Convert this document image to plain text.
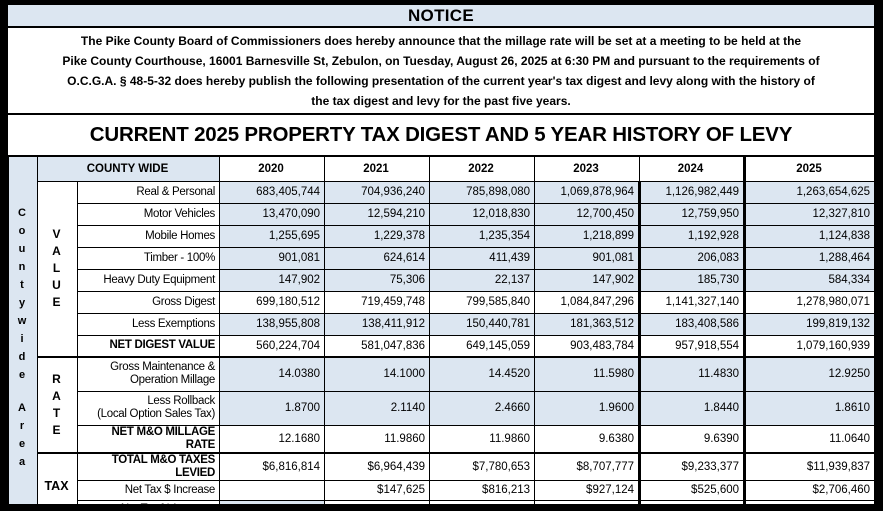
NOTICE
The Pike County Board of Commissioners does hereby announce that the millage rate will be set at a meeting to be held at the
Pike County Courthouse, 16001 Barnesville St, Zebulon, on Tuesday, August 26, 2025 at 6:30 PM and pursuant to the requirements of
O.C.G.A. § 48-5-32 does hereby publish the following presentation of the current year's tax digest and levy along with the history of
the tax digest and levy for the past five years.
CURRENT 2025 PROPERTY TAX DIGEST AND 5 YEAR HISTORY OF LEVY
C
o
u
n
t
y
w
i
d
e
A
r
e
a
	COUNTY WIDE	2020	2021	2022	2023	2024	2025

	V
A
L
U
E	Real & Personal	683,405,744	704,936,240	785,898,080	1,069,878,964	1,126,982,449	1,263,654,625
		Motor Vehicles	13,470,090	12,594,210	12,018,830	12,700,450	12,759,950	12,327,810
		Mobile Homes	1,255,695	1,229,378	1,235,354	1,218,899	1,192,928	1,124,838
		Timber - 100%	901,081	624,614	411,439	901,081	206,083	1,288,464
		Heavy Duty Equipment	147,902	75,306	22,137	147,902	185,730	584,334
		Gross Digest	699,180,512	719,459,748	799,585,840	1,084,847,296	1,141,327,140	1,278,980,071
		Less Exemptions	138,955,808	138,411,912	150,440,781	181,363,512	183,408,586	199,819,132
		NET DIGEST VALUE	560,224,704	581,047,836	649,145,059	903,483,784	957,918,554	1,079,160,939

R
A
T
E

Gross Maintenance &
Operation Millage	14.0380	14.1000	14.4520	11.5980	11.4830	12.9250

		Less Rollback
(Local Option Sales Tax)	1.8700	2.1140	2.4660	1.9600	1.8440	1.8610
		NET M&O MILLAGE RATE	12.1680	11.9860	11.9860	9.6380	9.6390	11.0640

	TAX	TOTAL M&O TAXES LEVIED	$6,816,814	$6,964,439	$7,780,653	$8,707,777	$9,233,377	$11,939,837
		Net Tax $ Increase		$147,625	$816,213	$927,124	$525,600	$2,706,460
		Net Tax % Increase	1.97%	2.17%	11.72%	11.92%	6.04%	29.31%
